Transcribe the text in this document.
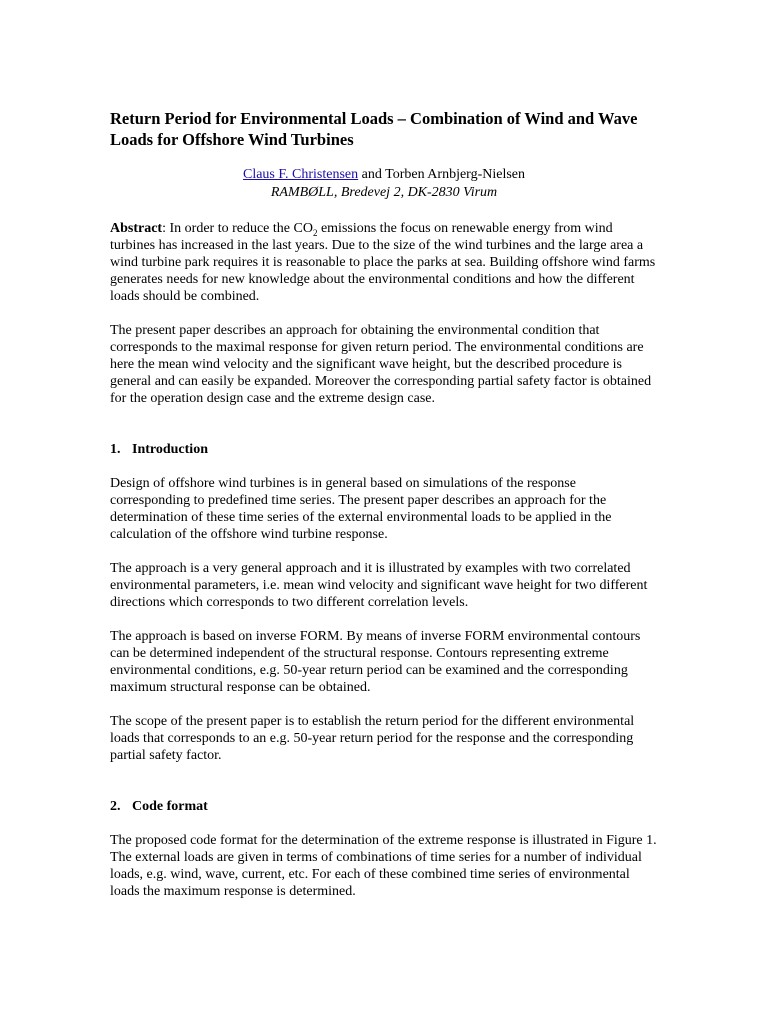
Return Period for Environmental Loads – Combination of Wind and Wave Loads for Offshore Wind Turbines
Claus F. Christensen and Torben Arnbjerg-Nielsen
RAMBØLL, Bredevej 2, DK-2830 Virum

Abstract: In order to reduce the $CO_2$ emissions the focus on renewable energy from wind turbines has increased in the last years. Due to the size of the wind turbines and the large area a wind turbine park requires it is reasonable to place the parks at sea. Building offshore wind farms generates needs for new knowledge about the environmental conditions and how the different loads should be combined.

The present paper describes an approach for obtaining the environmental condition that corresponds to the maximal response for given return period. The environmental conditions are here the mean wind velocity and the significant wave height, but the described procedure is general and can easily be expanded. Moreover the corresponding partial safety factor is obtained for the operation design case and the extreme design case.

1. Introduction

Design of offshore wind turbines is in general based on simulations of the response corresponding to predefined time series. The present paper describes an approach for the determination of these time series of the external environmental loads to be applied in the calculation of the offshore wind turbine response.

The approach is a very general approach and it is illustrated by examples with two correlated environmental parameters, i.e. mean wind velocity and significant wave height for two different directions which corresponds to two different correlation levels.

The approach is based on inverse FORM. By means of inverse FORM environmental contours can be determined independent of the structural response. Contours representing extreme environmental conditions, e.g. 50-year return period can be examined and the corresponding maximum structural response can be obtained.

The scope of the present paper is to establish the return period for the different environmental loads that corresponds to an e.g. 50-year return period for the response and the corresponding partial safety factor.

2. Code format

The proposed code format for the determination of the extreme response is illustrated in Figure 1. The external loads are given in terms of combinations of time series for a number of individual loads, e.g. wind, wave, current, etc. For each of these combined time series of environmental loads the maximum response is determined.
